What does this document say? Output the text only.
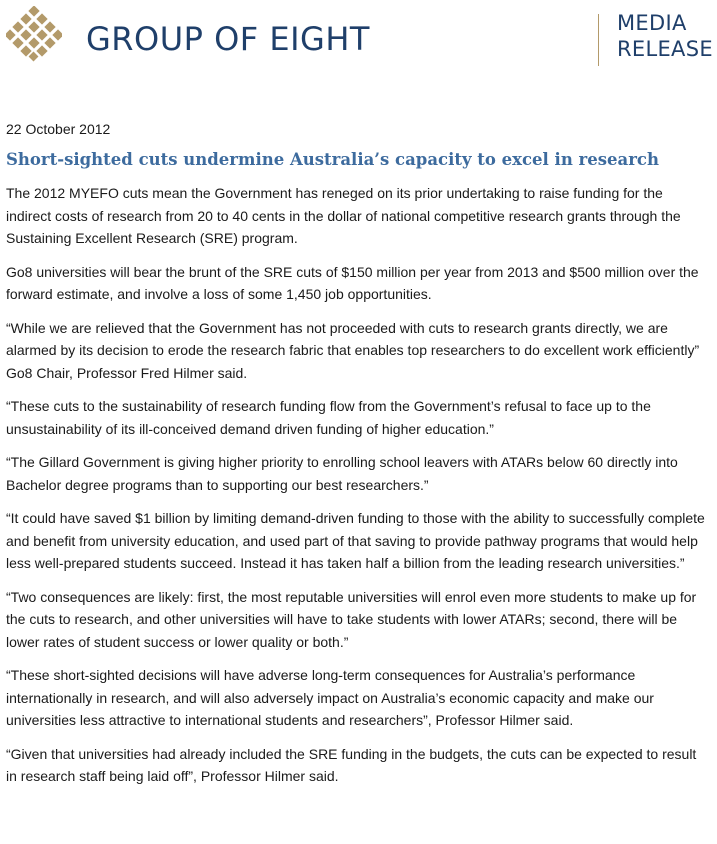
GROUP OF EIGHT	MEDIA
RELEASE

22 October 2012

Short-sighted cuts undermine Australia’s capacity to excel in research

The 2012 MYEFO cuts mean the Government has reneged on its prior undertaking to raise funding for the indirect costs of research from 20 to 40 cents in the dollar of national competitive research grants through the Sustaining Excellent Research (SRE) program.

Go8 universities will bear the brunt of the SRE cuts of $150 million per year from 2013 and $500 million over the forward estimate, and involve a loss of some 1,450 job opportunities.

“While we are relieved that the Government has not proceeded with cuts to research grants directly, we are alarmed by its decision to erode the research fabric that enables top researchers to do excellent work efficiently” Go8 Chair, Professor Fred Hilmer said.

“These cuts to the sustainability of research funding flow from the Government’s refusal to face up to the unsustainability of its ill-conceived demand driven funding of higher education.”

“The Gillard Government is giving higher priority to enrolling school leavers with ATARs below 60 directly into Bachelor degree programs than to supporting our best researchers.”

“It could have saved $1 billion by limiting demand-driven funding to those with the ability to successfully complete and benefit from university education, and used part of that saving to provide pathway programs that would help less well-prepared students succeed. Instead it has taken half a billion from the leading research universities.”

“Two consequences are likely: first, the most reputable universities will enrol even more students to make up for the cuts to research, and other universities will have to take students with lower ATARs; second, there will be lower rates of student success or lower quality or both.”

“These short-sighted decisions will have adverse long-term consequences for Australia’s performance internationally in research, and will also adversely impact on Australia’s economic capacity and make our universities less attractive to international students and researchers”, Professor Hilmer said.

“Given that universities had already included the SRE funding in the budgets, the cuts can be expected to result in research staff being laid off”, Professor Hilmer said.
